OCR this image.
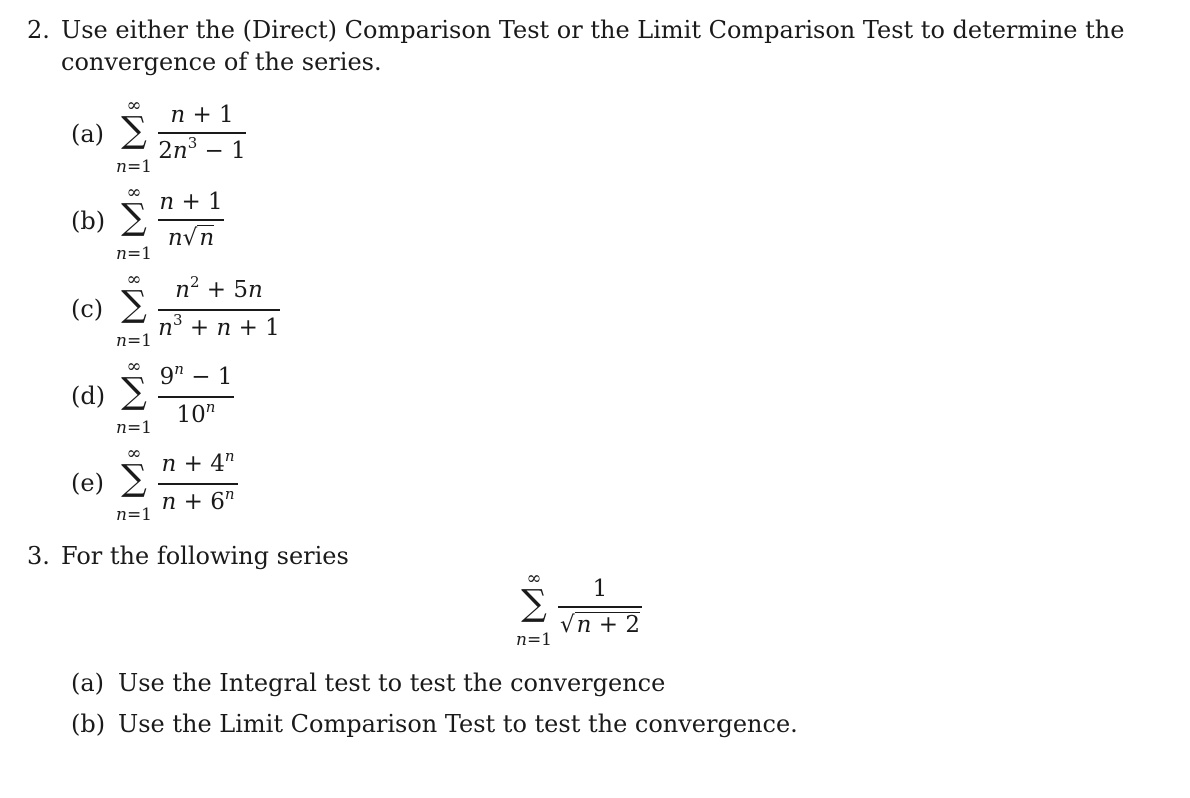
2. Use either the (Direct) Comparison Test or the Limit Comparison Test to determine the
convergence of the series.
(a)
∞
∑
n=1
n + 1
$2n^3 - 1$
(b)
∞
∑
n=1
n + 1
n√n
(c)
∞
∑
n=1
$n^2 + 5n$
$n^3 + n + 1$
(d)
∞
∑
n=1
$9^n - 1$
10$^n$
(e)
∞
∑
n=1
$n + 4^n$
$n + 6^n$
3. For the following series
∞
∑
n=1
1
√n + 2
(a) Use the Integral test to test the convergence
(b) Use the Limit Comparison Test to test the convergence.
